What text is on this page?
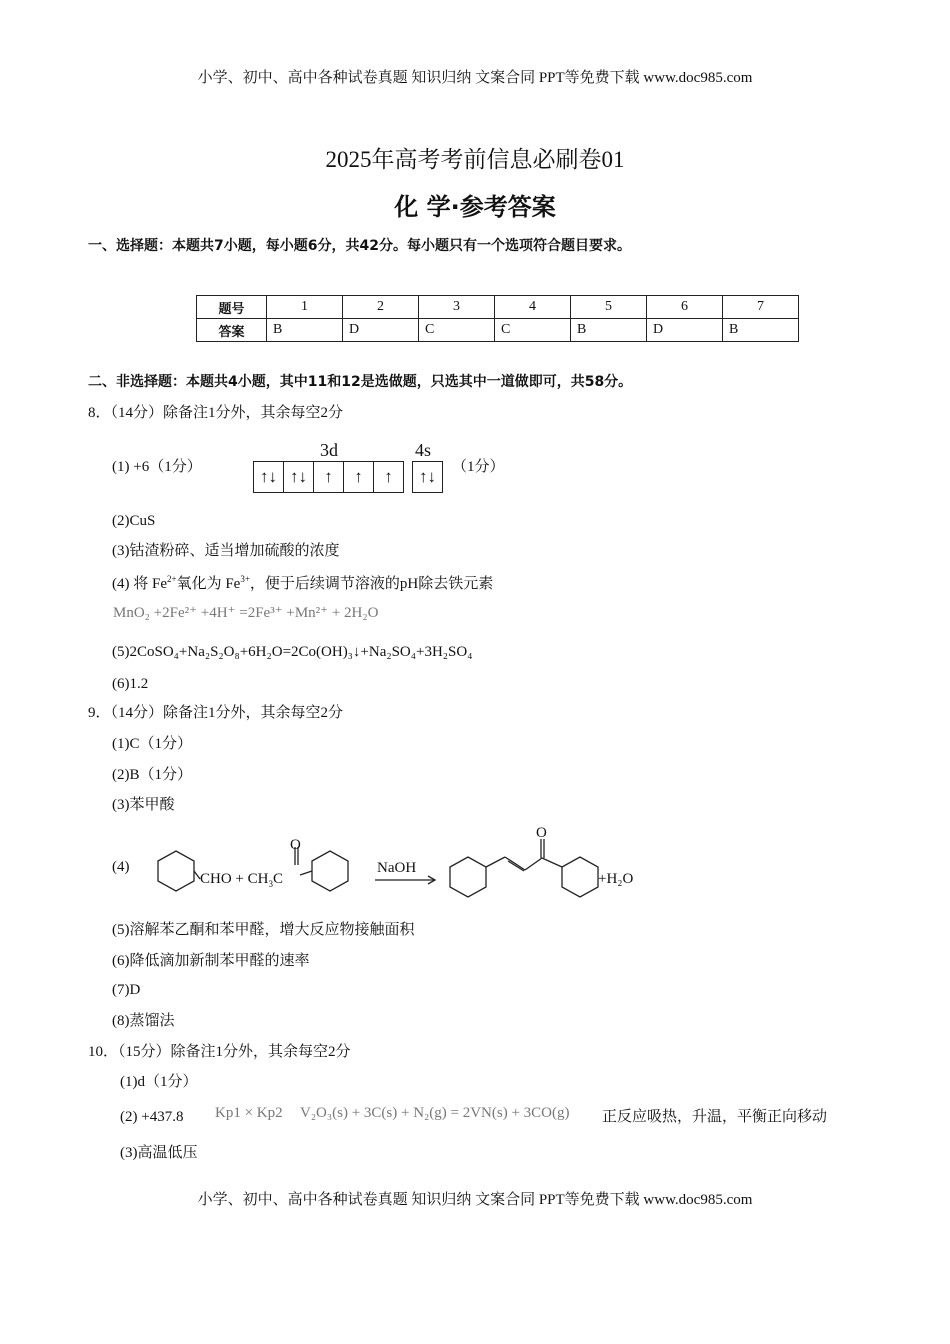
小学、初中、高中各种试卷真题 知识归纳 文案合同 PPT等免费下载 www.doc985.com
2025年高考考前信息必刷卷01
化 学·参考答案
一、选择题：本题共7小题，每小题6分，共42分。每小题只有一个选项符合题目要求。
题号	1	2	3	4	5	6	7
答案	B	D	C	C	B	D	B
二、非选择题：本题共4小题，其中11和12是选做题，只选其中一道做即可，共58分。
8．（14分）除备注1分外，其余每空2分
(1) +6（1分）
3d	4s
↑↓ ↑↓	↑	↑	↑	↑↓	（1分）
(2)CuS
(3)钴渣粉碎、适当增加硫酸的浓度
(4) 将 $Fe^{2+}$氧化为 $Fe^{3+}$，便于后续调节溶液的pH除去铁元素
MnO₂ +2Fe²⁺ +4H⁺ =2Fe³⁺ +Mn²⁺ + 2H₂O
(5)2CoSO₄+Na₂S₂O₈+6H₂O=2Co(OH)₃↓+Na₂SO₄+3H₂SO₄
(6)1.2
9．（14分）除备注1分外，其余每空2分
(1)C（1分）
(2)B（1分）
(3)苯甲酸
(4)
CHO + $CH_3C$
O
NaOH
O
+H₂O
(5)溶解苯乙酮和苯甲醛，增大反应物接触面积
(6)降低滴加新制苯甲醛的速率
(7)D
(8)蒸馏法
10．（15分）除备注1分外，其余每空2分
(1)d（1分）
(2) +437.8 Kp1 × Kp2 V₂O₃(s) + 3C(s) + N₂(g) = 2VN(s) + 3CO(g) 正反应吸热，升温，平衡正向移动
(3)高温低压
小学、初中、高中各种试卷真题 知识归纳 文案合同 PPT等免费下载 www.doc985.com
